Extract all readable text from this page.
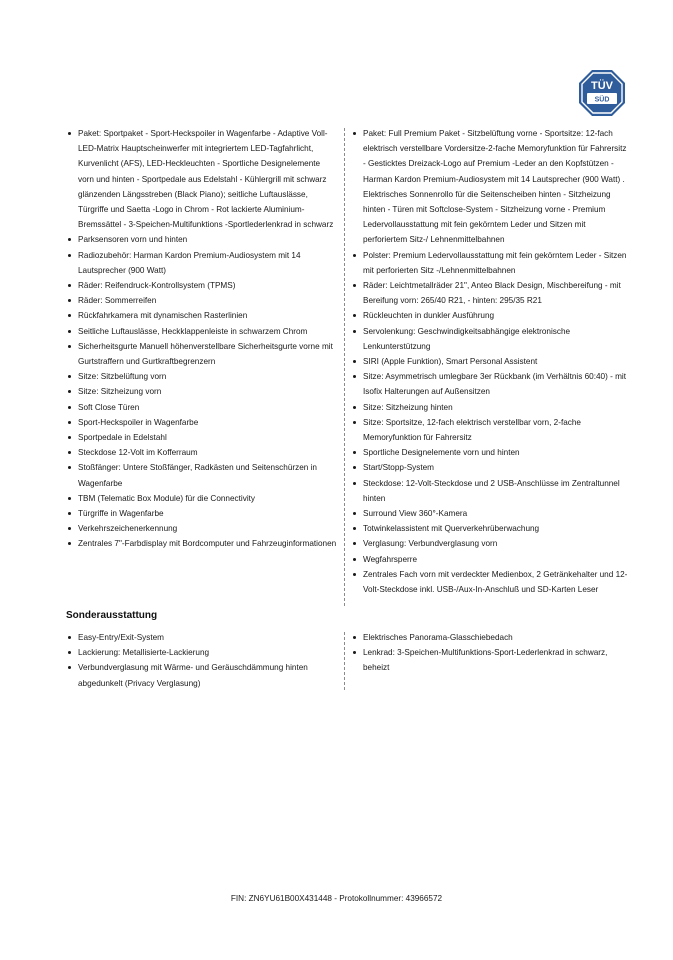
TÜV
SÜD
Paket: Sportpaket - Sport-Heckspoiler in Wagenfarbe - Adaptive Voll-LED-Matrix Hauptscheinwerfer mit integriertem LED-Tagfahrlicht, Kurvenlicht (AFS), LED-Heckleuchten - Sportliche Designelemente vorn und hinten - Sportpedale aus Edelstahl - Kühlergrill mit schwarz glänzenden Längsstreben (Black Piano); seitliche Luftauslässe, Türgriffe und Saetta -Logo in Chrom - Rot lackierte Aluminium-Bremssättel - 3-Speichen-Multifunktions -Sportlederlenkrad in schwarz
Parksensoren vorn und hinten
Radiozubehör: Harman Kardon Premium-Audiosystem mit 14 Lautsprecher (900 Watt)
Räder: Reifendruck-Kontrollsystem (TPMS)
Räder: Sommerreifen
Rückfahrkamera mit dynamischen Rasterlinien
Seitliche Luftauslässe, Heckklappenleiste in schwarzem Chrom
Sicherheitsgurte Manuell höhenverstellbare Sicherheitsgurte vorne mit Gurtstraffern und Gurtkraftbegrenzern
Sitze: Sitzbelüftung vorn
Sitze: Sitzheizung vorn
Soft Close Türen
Sport-Heckspoiler in Wagenfarbe
Sportpedale in Edelstahl
Steckdose 12-Volt im Kofferraum
Stoßfänger: Untere Stoßfänger, Radkästen und Seitenschürzen in Wagenfarbe
TBM (Telematic Box Module) für die Connectivity
Türgriffe in Wagenfarbe
Verkehrszeichenerkennung
Zentrales 7"-Farbdisplay mit Bordcomputer und Fahrzeuginformationen
Paket: Full Premium Paket - Sitzbelüftung vorne - Sportsitze: 12-fach elektrisch verstellbare Vordersitze-2-fache Memoryfunktion für Fahrersitz - Gesticktes Dreizack-Logo auf Premium -Leder an den Kopfstützen - Harman Kardon Premium-Audiosystem mit 14 Lautsprecher (900 Watt) . Elektrisches Sonnenrollo für die Seitenscheiben hinten - Sitzheizung hinten - Türen mit Softclose-System - Sitzheizung vorne - Premium Ledervollausstattung mit fein gekörntem Leder und Sitzen mit perforiertem Sitz-/ Lehnenmittelbahnen
Polster: Premium Ledervollausstattung mit fein gekörntem Leder - Sitzen mit perforierten Sitz -/Lehnenmittelbahnen
Räder: Leichtmetallräder 21", Anteo Black Design, Mischbereifung - mit Bereifung vorn: 265/40 R21, - hinten: 295/35 R21
Rückleuchten in dunkler Ausführung
Servolenkung: Geschwindigkeitsabhängige elektronische Lenkunterstützung
SIRI (Apple Funktion), Smart Personal Assistent
Sitze: Asymmetrisch umlegbare 3er Rückbank (im Verhältnis 60:40) - mit Isofix Halterungen auf Außensitzen
Sitze: Sitzheizung hinten
Sitze: Sportsitze, 12-fach elektrisch verstellbar vorn, 2-fache Memoryfunktion für Fahrersitz
Sportliche Designelemente vorn und hinten
Start/Stopp-System
Steckdose: 12-Volt-Steckdose und 2 USB-Anschlüsse im Zentraltunnel hinten
Surround View 360°-Kamera
Totwinkelassistent mit Querverkehrüberwachung
Verglasung: Verbundverglasung vorn
Wegfahrsperre
Zentrales Fach vorn mit verdeckter Medienbox, 2 Getränkehalter und 12-Volt-Steckdose inkl. USB-/Aux-In-Anschluß und SD-Karten Leser
Sonderausstattung
Easy-Entry/Exit-System
Lackierung: Metallisierte-Lackierung
Verbundverglasung mit Wärme- und Geräuschdämmung hinten abgedunkelt (Privacy Verglasung)
Elektrisches Panorama-Glasschiebedach
Lenkrad: 3-Speichen-Multifunktions-Sport-Lederlenkrad in schwarz, beheizt
FIN: ZN6YU61B00X431448 - Protokollnummer: 43966572
